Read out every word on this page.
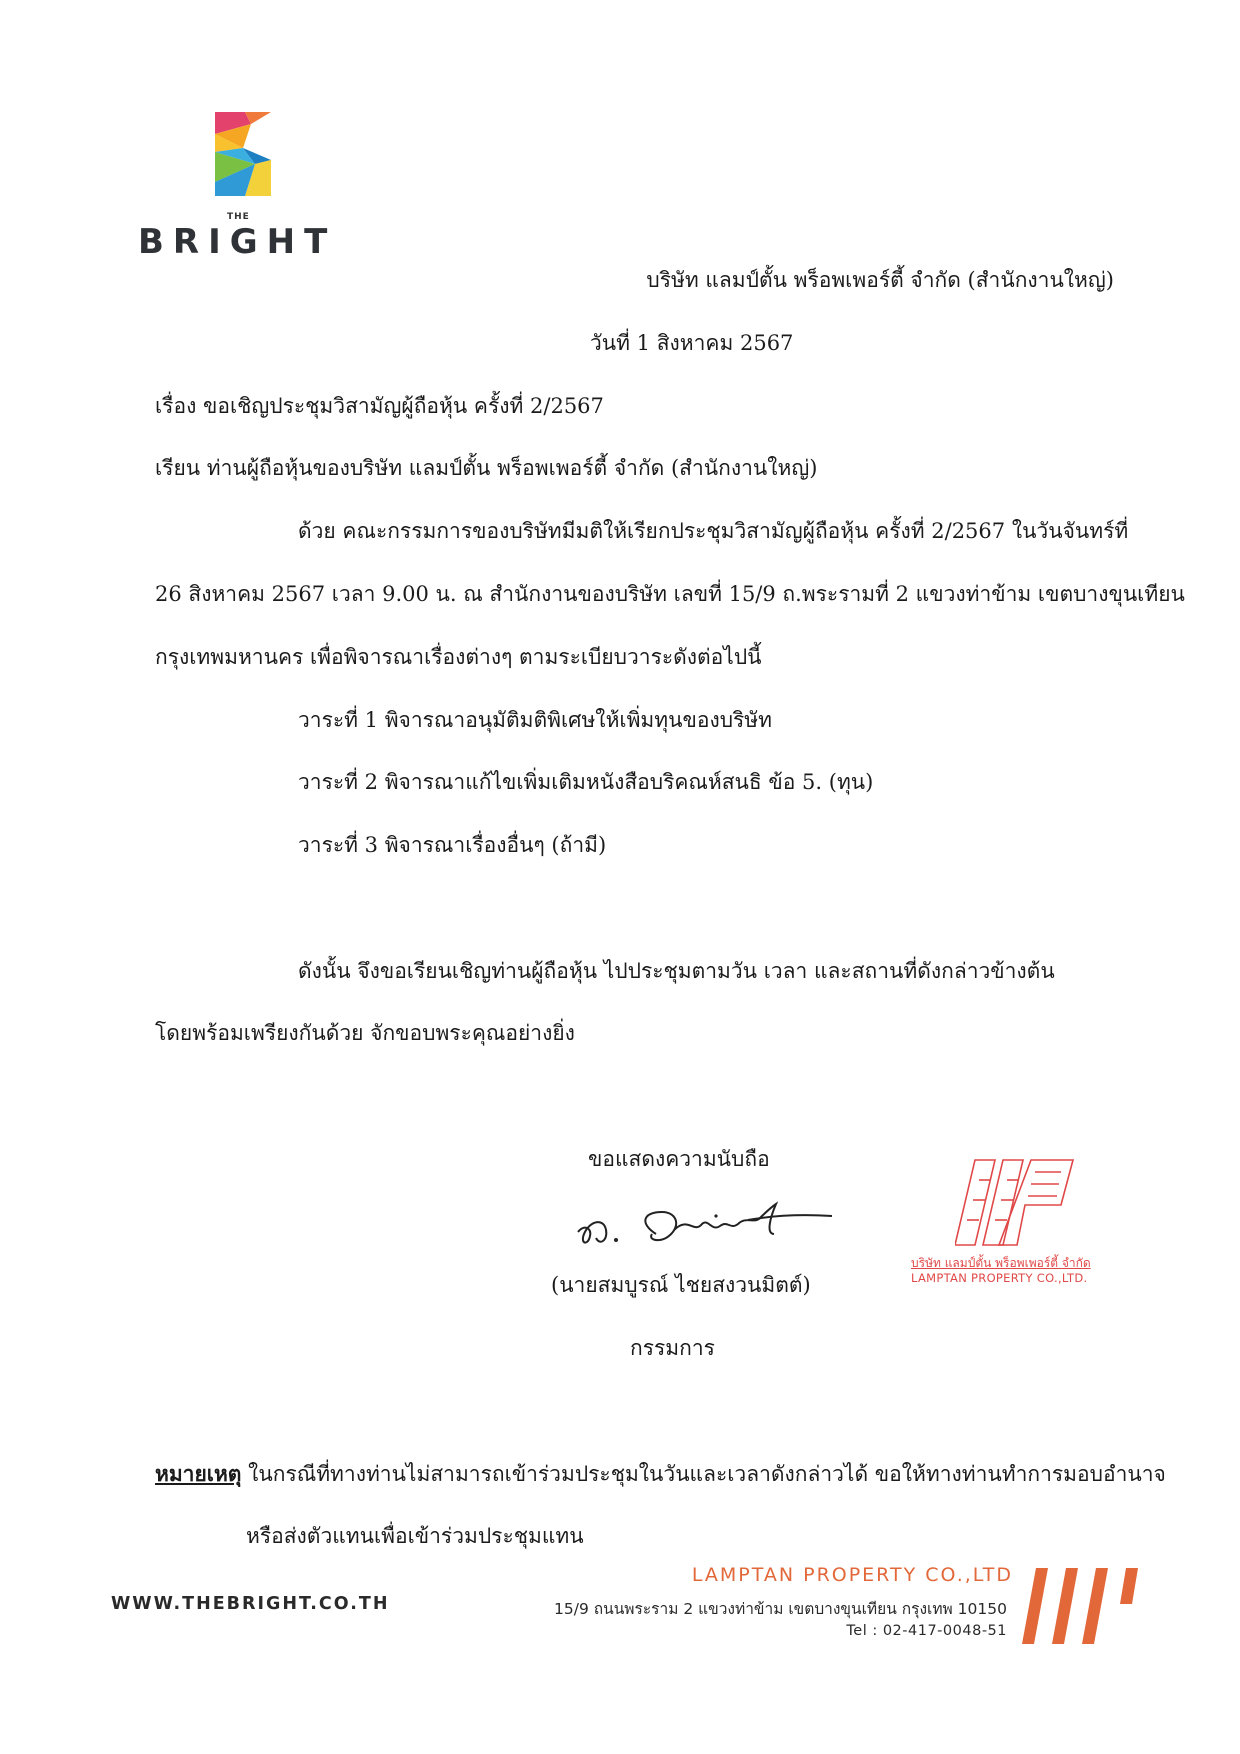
THE
BRIGHT
บริษัท แลมป์ตั้น พร็อพเพอร์ตี้ จำกัด (สำนักงานใหญ่)
วันที่ 1 สิงหาคม 2567
เรื่อง ขอเชิญประชุมวิสามัญผู้ถือหุ้น ครั้งที่ 2/2567
เรียน ท่านผู้ถือหุ้นของบริษัท แลมป์ตั้น พร็อพเพอร์ตี้ จำกัด (สำนักงานใหญ่)
ด้วย คณะกรรมการของบริษัทมีมติให้เรียกประชุมวิสามัญผู้ถือหุ้น ครั้งที่ 2/2567 ในวันจันทร์ที่
26 สิงหาคม 2567 เวลา 9.00 น. ณ สำนักงานของบริษัท เลขที่ 15/9 ถ.พระรามที่ 2 แขวงท่าข้าม เขตบางขุนเทียน
กรุงเทพมหานคร เพื่อพิจารณาเรื่องต่างๆ ตามระเบียบวาระดังต่อไปนี้
วาระที่ 1 พิจารณาอนุมัติมติพิเศษให้เพิ่มทุนของบริษัท
วาระที่ 2 พิจารณาแก้ไขเพิ่มเติมหนังสือบริคณห์สนธิ ข้อ 5. (ทุน)
วาระที่ 3 พิจารณาเรื่องอื่นๆ (ถ้ามี)
ดังนั้น จึงขอเรียนเชิญท่านผู้ถือหุ้น ไปประชุมตามวัน เวลา และสถานที่ดังกล่าวข้างต้น
โดยพร้อมเพรียงกันด้วย จักขอบพระคุณอย่างยิ่ง
ขอแสดงความนับถือ
(นายสมบูรณ์ ไชยสงวนมิตต์)
กรรมการ
บริษัท แลมป์ตั้น พร็อพเพอร์ตี้ จำกัด
LAMPTAN PROPERTY CO.,LTD.
หมายเหตุ ในกรณีที่ทางท่านไม่สามารถเข้าร่วมประชุมในวันและเวลาดังกล่าวได้ ขอให้ทางท่านทำการมอบอำนาจ
หรือส่งตัวแทนเพื่อเข้าร่วมประชุมแทน
WWW.THEBRIGHT.CO.TH
LAMPTAN PROPERTY CO.,LTD
15/9 ถนนพระราม 2 แขวงท่าข้าม เขตบางขุนเทียน กรุงเทพ 10150
Tel : 02-417-0048-51
